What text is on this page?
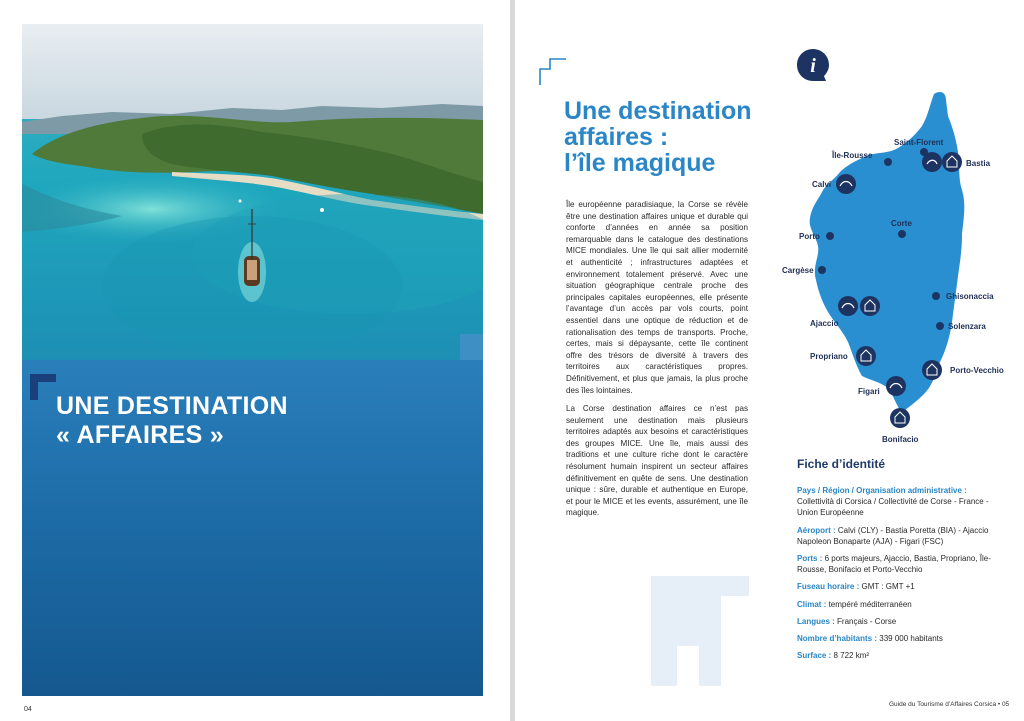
UNE DESTINATION
« AFFAIRES »
04
Une destination
affaires :
l’île magique

Île européenne paradisiaque, la Corse se révèle être une destination affaires unique et durable qui conforte d’années en année sa position remarquable dans le catalogue des destinations MICE mondiales. Une île qui sait allier modernité et authenticité ; infrastructures adaptées et environnement totalement préservé. Avec une situation géographique centrale proche des principales capitales européennes, elle présente l’avantage d’un accès par vols courts, point essentiel dans une optique de réduction et de rationalisation des temps de transports. Proche, certes, mais si dépaysante, cette île continent offre des trésors de diversité à travers des territoires aux caractéristiques propres. Définitivement, et plus que jamais, la plus proche des îles lointaines.

La Corse destination affaires ce n’est pas seulement une destination mais plusieurs territoires adaptés aux besoins et caractéristiques des groupes MICE. Une île, mais aussi des traditions et une culture riche dont le caractère résolument humain inspirent un secteur affaires définitivement en quête de sens. Une destination unique : sûre, durable et authentique en Europe, et pour le MICE et les events, assurément, une île magique.

i
Saint-Florent
Île-Rousse
Bastia
Calvi
Corte
Porto
Cargèse
Ghisonaccia
Ajaccio	Solenzara
Propriano
Porto-Vecchio
Figari
Bonifacio
Fiche d’identité
Pays / Région / Organisation administrative :
Collettività di Corsica / Collectivité de Corse - France - Union Européenne
Aéroport : Calvi (CLY) - Bastia Poretta (BIA) - Ajaccio Napoleon Bonaparte (AJA) - Figari (FSC)
Ports : 6 ports majeurs, Ajaccio, Bastia, Propriano, Île-Rousse, Bonifacio et Porto-Vecchio
Fuseau horaire : GMT : GMT +1
Climat : tempéré méditerranéen
Langues : Français - Corse
Nombre d’habitants : 339 000 habitants
Surface : 8 722 km²
Guide du Tourisme d’Affaires Corsica • 05
